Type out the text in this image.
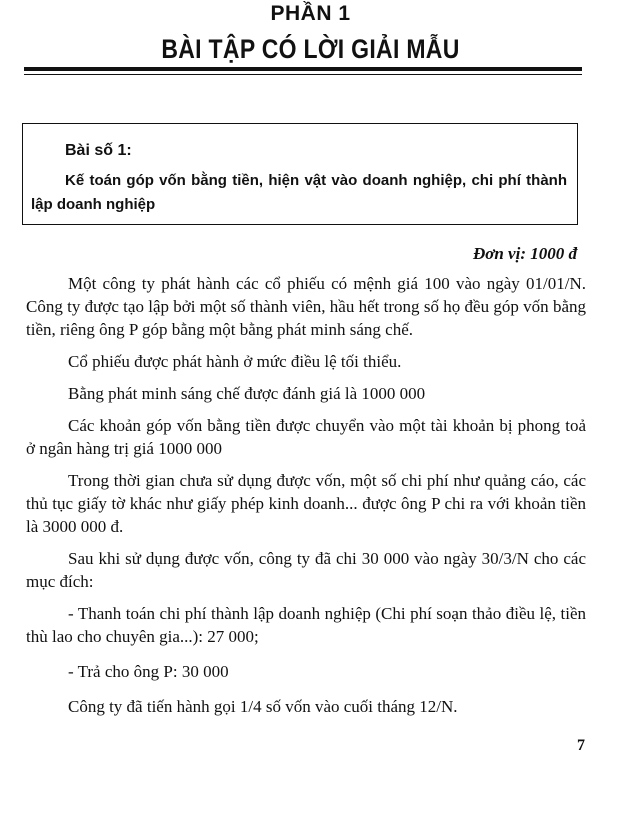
PHẦN 1
BÀI TẬP CÓ LỜI GIẢI MẪU
Bài số 1:
Kế toán góp vốn bằng tiền, hiện vật vào doanh nghiệp, chi phí thành lập doanh nghiệp
Đơn vị: 1000 đ

Một công ty phát hành các cổ phiếu có mệnh giá 100 vào ngày 01/01/N. Công ty được tạo lập bởi một số thành viên, hầu hết trong số họ đều góp vốn bằng tiền, riêng ông P góp bằng một bằng phát minh sáng chế.

Cổ phiếu được phát hành ở mức điều lệ tối thiểu.

Bằng phát minh sáng chế được đánh giá là 1000 000

Các khoản góp vốn bằng tiền được chuyển vào một tài khoản bị phong toả ở ngân hàng trị giá 1000 000

Trong thời gian chưa sử dụng được vốn, một số chi phí như quảng cáo, các thủ tục giấy tờ khác như giấy phép kinh doanh... được ông P chi ra với khoản tiền là 3000 000 đ.

Sau khi sử dụng được vốn, công ty đã chi 30 000 vào ngày 30/3/N cho các mục đích:

- Thanh toán chi phí thành lập doanh nghiệp (Chi phí soạn thảo điều lệ, tiền thù lao cho chuyên gia...): 27 000;

- Trả cho ông P: 30 000

Công ty đã tiến hành gọi 1/4 số vốn vào cuối tháng 12/N.

7
